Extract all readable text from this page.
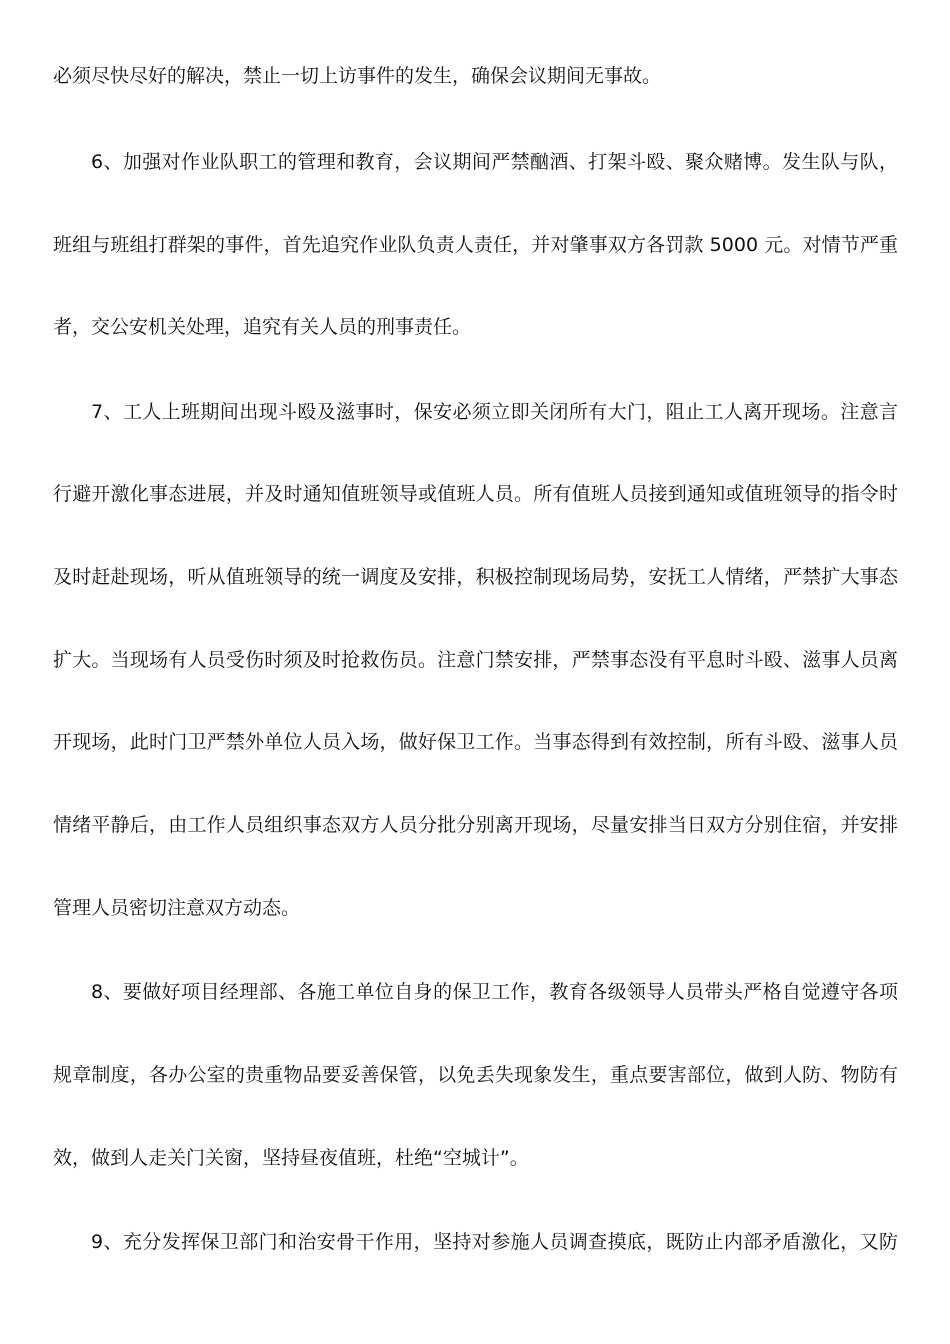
必须尽快尽好的解决，禁止一切上访事件的发生，确保会议期间无事故。
6、加强对作业队职工的管理和教育，会议期间严禁酗酒、打架斗殴、聚众赌博。发生队与队，
班组与班组打群架的事件，首先追究作业队负责人责任，并对肇事双方各罚款 5000 元。对情节严重
者，交公安机关处理，追究有关人员的刑事责任。
7、工人上班期间出现斗殴及滋事时，保安必须立即关闭所有大门，阻止工人离开现场。注意言
行避开激化事态进展，并及时通知值班领导或值班人员。所有值班人员接到通知或值班领导的指令时
及时赶赴现场，听从值班领导的统一调度及安排，积极控制现场局势，安抚工人情绪，严禁扩大事态
扩大。当现场有人员受伤时须及时抢救伤员。注意门禁安排，严禁事态没有平息时斗殴、滋事人员离
开现场，此时门卫严禁外单位人员入场，做好保卫工作。当事态得到有效控制，所有斗殴、滋事人员
情绪平静后，由工作人员组织事态双方人员分批分别离开现场，尽量安排当日双方分别住宿，并安排
管理人员密切注意双方动态。
8、要做好项目经理部、各施工单位自身的保卫工作，教育各级领导人员带头严格自觉遵守各项
规章制度，各办公室的贵重物品要妥善保管，以免丢失现象发生，重点要害部位，做到人防、物防有
效，做到人走关门关窗，坚持昼夜值班，杜绝“空城计”。
9、充分发挥保卫部门和治安骨干作用，坚持对参施人员调查摸底，既防止内部矛盾激化，又防
